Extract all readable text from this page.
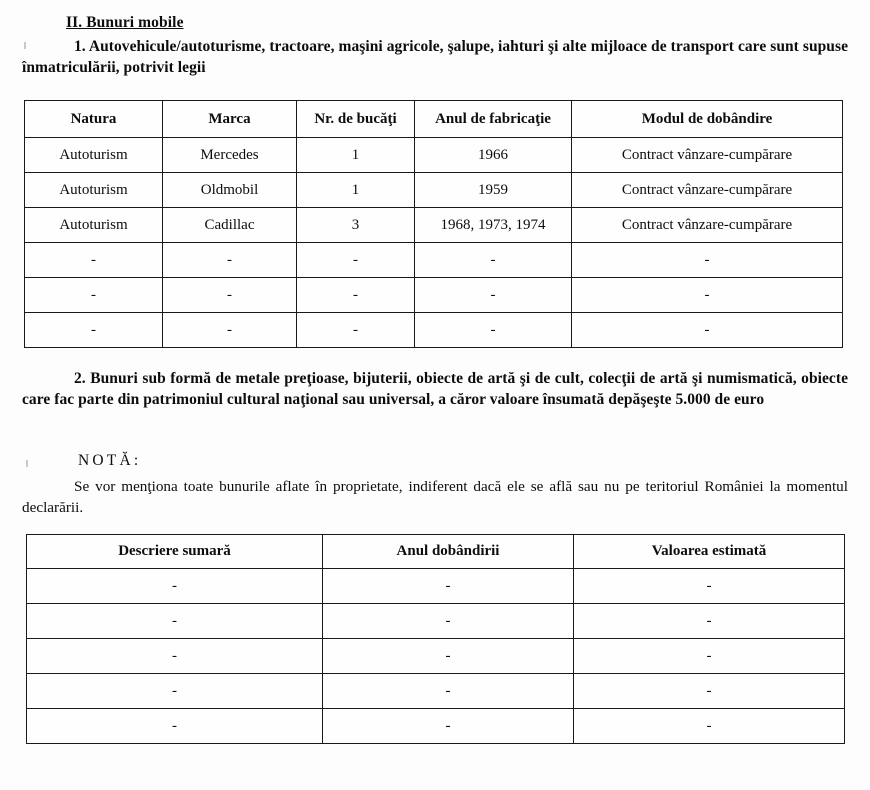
II. Bunuri mobile
1. Autovehicule/autoturisme, tractoare, maşini agricole, şalupe, iahturi şi alte mijloace de transport care sunt supuse înmatriculării, potrivit legii
Natura	Marca	Nr. de bucăţi	Anul de fabricaţie	Modul de dobândire
Autoturism	Mercedes	1	1966	Contract vânzare-cumpărare
Autoturism	Oldmobil	1	1959	Contract vânzare-cumpărare
Autoturism	Cadillac	3	1968, 1973, 1974	Contract vânzare-cumpărare
-	-	-	-	-
-	-	-	-	-
-	-	-	-	-
2. Bunuri sub formă de metale preţioase, bijuterii, obiecte de artă şi de cult, colecţii de artă şi numismatică, obiecte care fac parte din patrimoniul cultural naţional sau universal, a căror valoare însumată depăşeşte 5.000 de euro
NOTĂ:
Se vor menţiona toate bunurile aflate în proprietate, indiferent dacă ele se află sau nu pe teritoriul României la momentul declarării.
Descriere sumară	Anul dobândirii	Valoarea estimată
-	-	-
-	-	-
-	-	-
-	-	-
-	-	-
